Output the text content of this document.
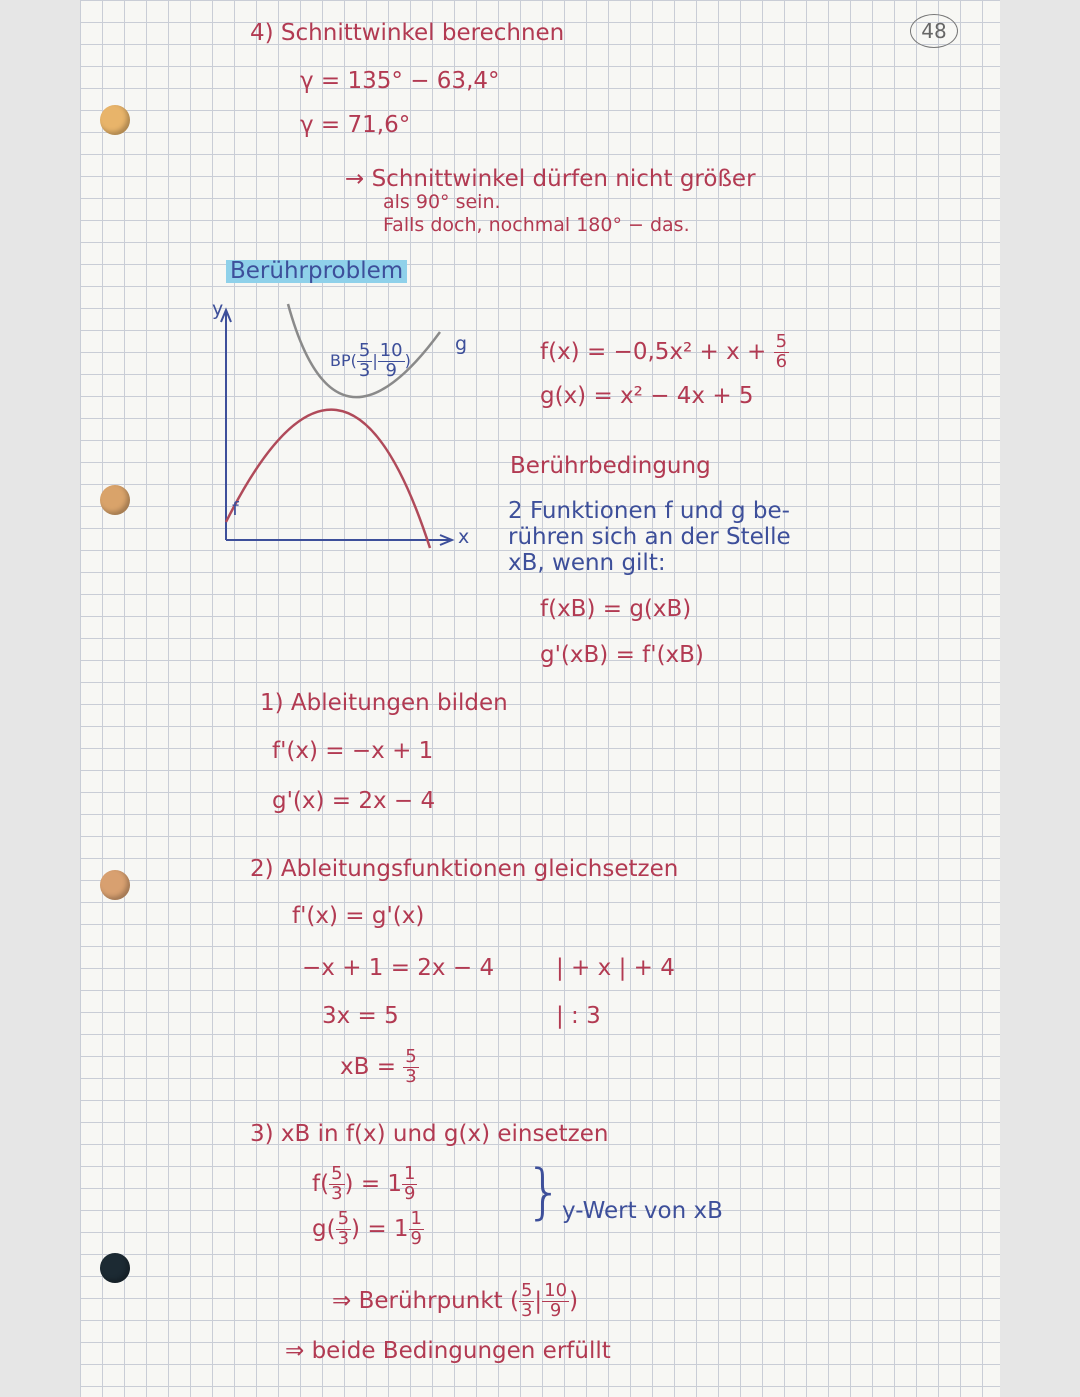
48
4) Schnittwinkel berechnen
γ = 135° − 63,4°
γ = 71,6°
→ Schnittwinkel dürfen nicht größer
als 90° sein.
Falls doch, nochmal 180° − das.
Berührproblem
y
x
f
g
$BP( \frac{5}{3}$ | $\frac{10}{9}$ )	$f(x) = -0,5x^2 + x + \frac{5}{6}$
g(x) = x² − 4x + 5
Berührbedingung
2 Funktionen f und g be-
rühren sich an der Stelle
xB, wenn gilt:
f(xB) = g(xB)
g'(xB) = f'(xB)
1) Ableitungen bilden
f'(x) = −x + 1
g'(x) = 2x − 4
2) Ableitungsfunktionen gleichsetzen
f'(x) = g'(x)
−x + 1 = 2x − 4	| + x | + 4
3x = 5	| : 3
xB = $\frac{5}{3}$
3) xB in f(x) und g(x) einsetzen
$f( \frac{5}{3}$ ) = $1 \frac{1}{9}$
$g( \frac{5}{3}$ ) = $1 \frac{1}{9}$
}
y-Wert von xB
⇒ Berührpunkt ( $\frac{5}{3}$ | $\frac{10}{9}$ )
⇒ beide Bedingungen erfüllt
